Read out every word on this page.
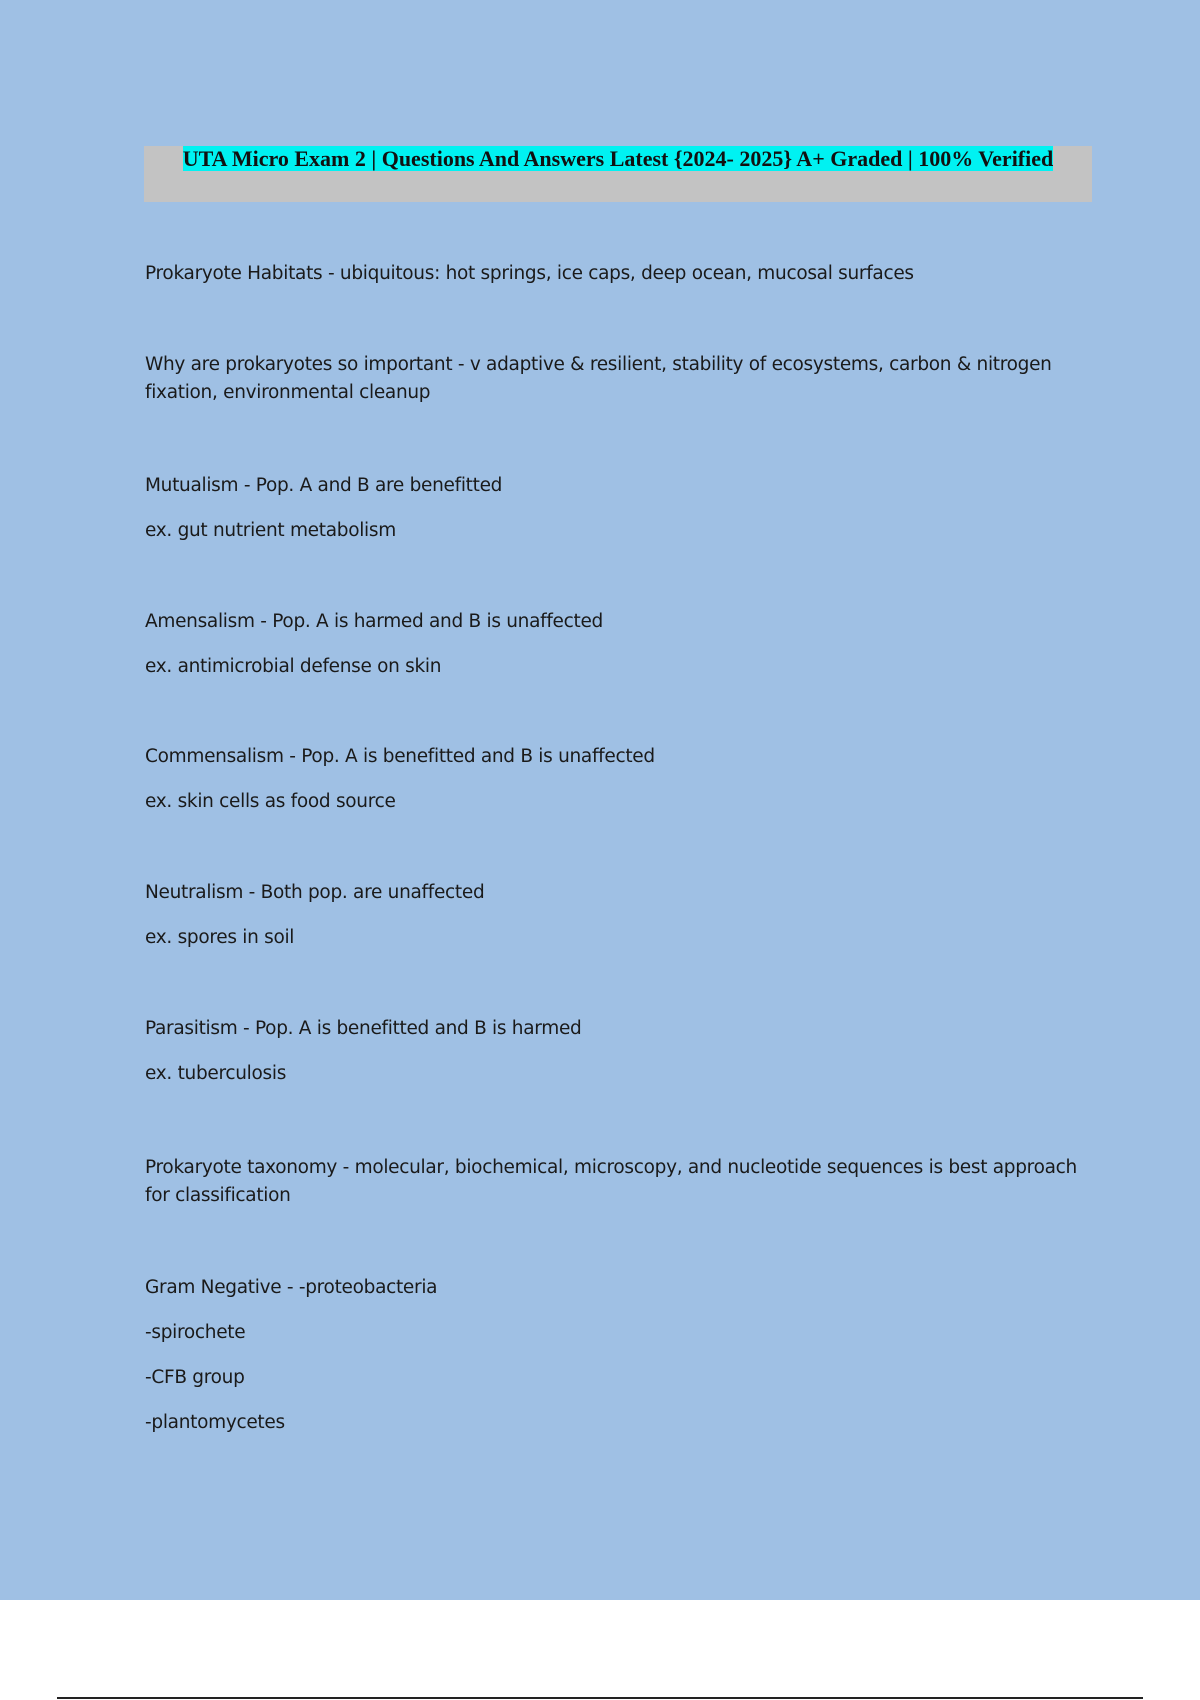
UTA Micro Exam 2 | Questions And Answers Latest {2024- 2025} A+ Graded | 100% Verified

Prokaryote Habitats - ubiquitous: hot springs, ice caps, deep ocean, mucosal surfaces

Why are prokaryotes so important - v adaptive & resilient, stability of ecosystems, carbon & nitrogen fixation, environmental cleanup

Mutualism - Pop. A and B are benefitted

ex. gut nutrient metabolism

Amensalism - Pop. A is harmed and B is unaffected

ex. antimicrobial defense on skin

Commensalism - Pop. A is benefitted and B is unaffected

ex. skin cells as food source

Neutralism - Both pop. are unaffected

ex. spores in soil

Parasitism - Pop. A is benefitted and B is harmed

ex. tuberculosis

Prokaryote taxonomy - molecular, biochemical, microscopy, and nucleotide sequences is best approach for classification

Gram Negative - -proteobacteria

-spirochete

-CFB group

-plantomycetes
